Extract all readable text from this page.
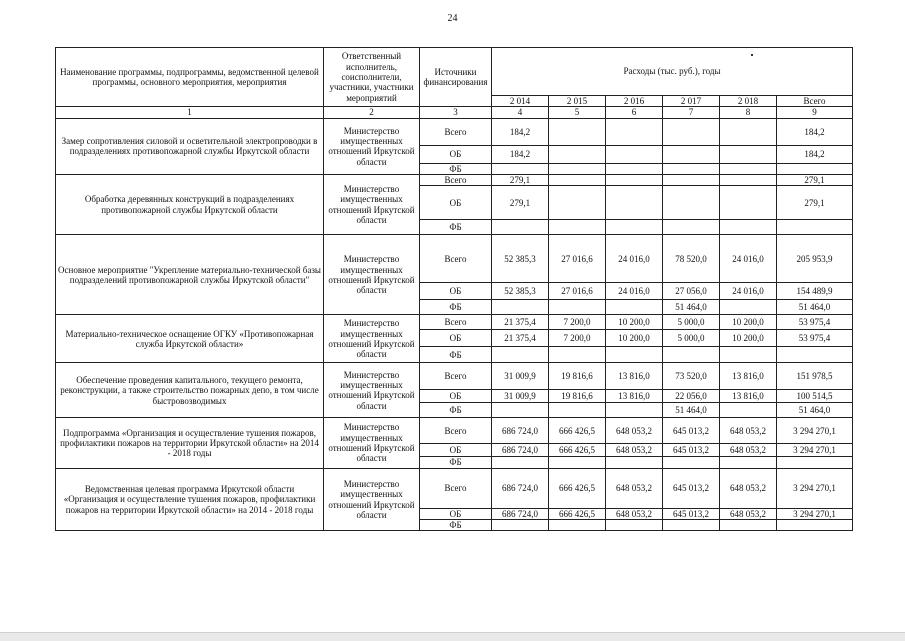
24
Наименование программы, подпрограммы, ведомственной целевой программы, основного мероприятия, мероприятия	Ответственный исполнитель, соисполнители, участники, участники мероприятий	Источники финансирования	Расходы (тыс. руб.), годы					
			2 014	2 015	2 016	2 017	2 018	Всего
1	2	3	4	5	6	7	8	9
Замер сопротивления силовой и осветительной электропроводки в подразделениях противопожарной службы Иркутской области	Министерство имущественных отношений Иркутской области	Всего	184,2					184,2
		ОБ	184,2					184,2
		ФБ						
Обработка деревянных конструкций в подразделениях противопожарной службы Иркутской области	Министерство имущественных отношений Иркутской области	Всего	279,1					279,1
		ОБ	279,1					279,1
		ФБ						
Основное мероприятие "Укрепление материально-технической базы подразделений противопожарной службы Иркутской области"	Министерство имущественных отношений Иркутской области	Всего	52 385,3	27 016,6	24 016,0	78 520,0	24 016,0	205 953,9
		ОБ	52 385,3	27 016,6	24 016,0	27 056,0	24 016,0	154 489,9
		ФБ				51 464,0		51 464,0
Материально-техническое оснащение ОГКУ «Противопожарная служба Иркутской области»	Министерство имущественных отношений Иркутской области	Всего	21 375,4	7 200,0	10 200,0	5 000,0	10 200,0	53 975,4
		ОБ	21 375,4	7 200,0	10 200,0	5 000,0	10 200,0	53 975,4
		ФБ						
Обеспечение проведения капитального, текущего ремонта, реконструкции, а также строительство пожарных депо, в том числе быстровозводимых	Министерство имущественных отношений Иркутской области	Всего	31 009,9	19 816,6	13 816,0	73 520,0	13 816,0	151 978,5
		ОБ	31 009,9	19 816,6	13 816,0	22 056,0	13 816,0	100 514,5
		ФБ				51 464,0		51 464,0
Подпрограмма «Организация и осуществление тушения пожаров, профилактики пожаров на территории Иркутской области» на 2014 - 2018 годы	Министерство имущественных отношений Иркутской области	Всего	686 724,0	666 426,5	648 053,2	645 013,2	648 053,2	3 294 270,1
		ОБ	686 724,0	666 426,5	648 053,2	645 013,2	648 053,2	3 294 270,1
		ФБ						
Ведомственная целевая программа Иркутской области «Организация и осуществление тушения пожаров, профилактики пожаров на территории Иркутской области» на 2014 - 2018 годы	Министерство имущественных отношений Иркутской области	Всего	686 724,0	666 426,5	648 053,2	645 013,2	648 053,2	3 294 270,1
		ОБ	686 724,0	666 426,5	648 053,2	645 013,2	648 053,2	3 294 270,1
		ФБ						
